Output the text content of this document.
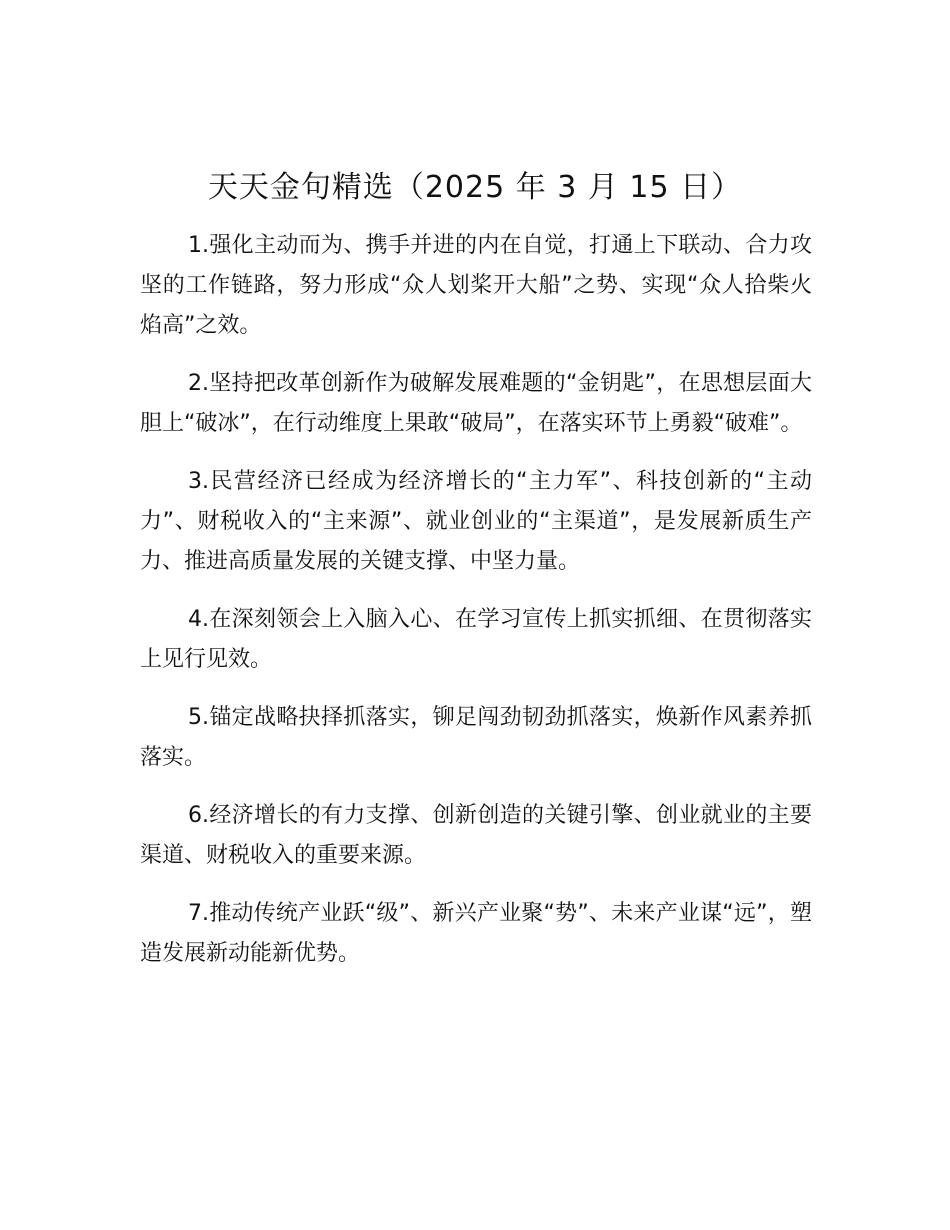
天天金句精选（2025 年 3 月 15 日）

1.强化主动而为、携手并进的内在自觉，打通上下联动、合力攻坚的工作链路，努力形成“众人划桨开大船”之势、实现“众人拾柴火焰高”之效。

2.坚持把改革创新作为破解发展难题的“金钥匙”，在思想层面大胆上“破冰”，在行动维度上果敢“破局”，在落实环节上勇毅“破难”。

3.民营经济已经成为经济增长的“主力军”、科技创新的“主动力”、财税收入的“主来源”、就业创业的“主渠道”，是发展新质生产力、推进高质量发展的关键支撑、中坚力量。

4.在深刻领会上入脑入心、在学习宣传上抓实抓细、在贯彻落实上见行见效。

5.锚定战略抉择抓落实，铆足闯劲韧劲抓落实，焕新作风素养抓落实。

6.经济增长的有力支撑、创新创造的关键引擎、创业就业的主要渠道、财税收入的重要来源。

7.推动传统产业跃“级”、新兴产业聚“势”、未来产业谋“远”，塑造发展新动能新优势。
